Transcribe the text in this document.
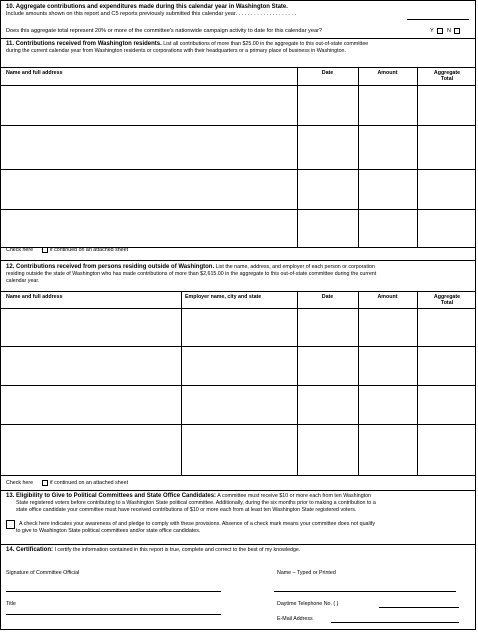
10. Aggregate contributions and expenditures made during this calendar year in Washington State.
Include amounts shown on this report and C5 reports previously submitted this calendar year. . . . . . . . . . . . . . . . . . . .
Does this aggregate total represent 20% or more of the committee's nationwide campaign activity to date for this calendar year?	Y N
11. Contributions received from Washington residents. List all contributions of more than $25.00 in the aggregate to this out-of-state committee
during the current calendar year from Washington residents or corporations with their headquarters or a primary place of business in Washington.
Name and full address	Date	Amount	Aggregate
Total
Check here	if continued on an attached sheet
12. Contributions received from persons residing outside of Washington. List the name, address, and employer of each person or corporation
residing outside the state of Washington who has made contributions of more than $2,615.00 in the aggregate to this out-of-state committee during the current
calendar year.
Name and full address	Employer name, city and state	Date	Amount	Aggregate
Total
Check here	if continued on an attached sheet
13. Eligibility to Give to Political Committees and State Office Candidates: A committee must receive $10 or more each from ten Washington
State registered voters before contributing to a Washington State political committee. Additionally, during the six months prior to making a contribution to a
state office candidate your committee must have received contributions of $10 or more each from at least ten Washington State registered voters.
A check here indicates your awareness of and pledge to comply with these provisions. Absence of a check mark means your committee does not qualify
to give to Washington State political committees and/or state office candidates.
14. Certification: I certify the information contained in this report is true, complete and correct to the best of my knowledge.
Signature of Committee Official	Name – Typed or Printed
Title	Daytime Telephone No. ( )
E-Mail Address
